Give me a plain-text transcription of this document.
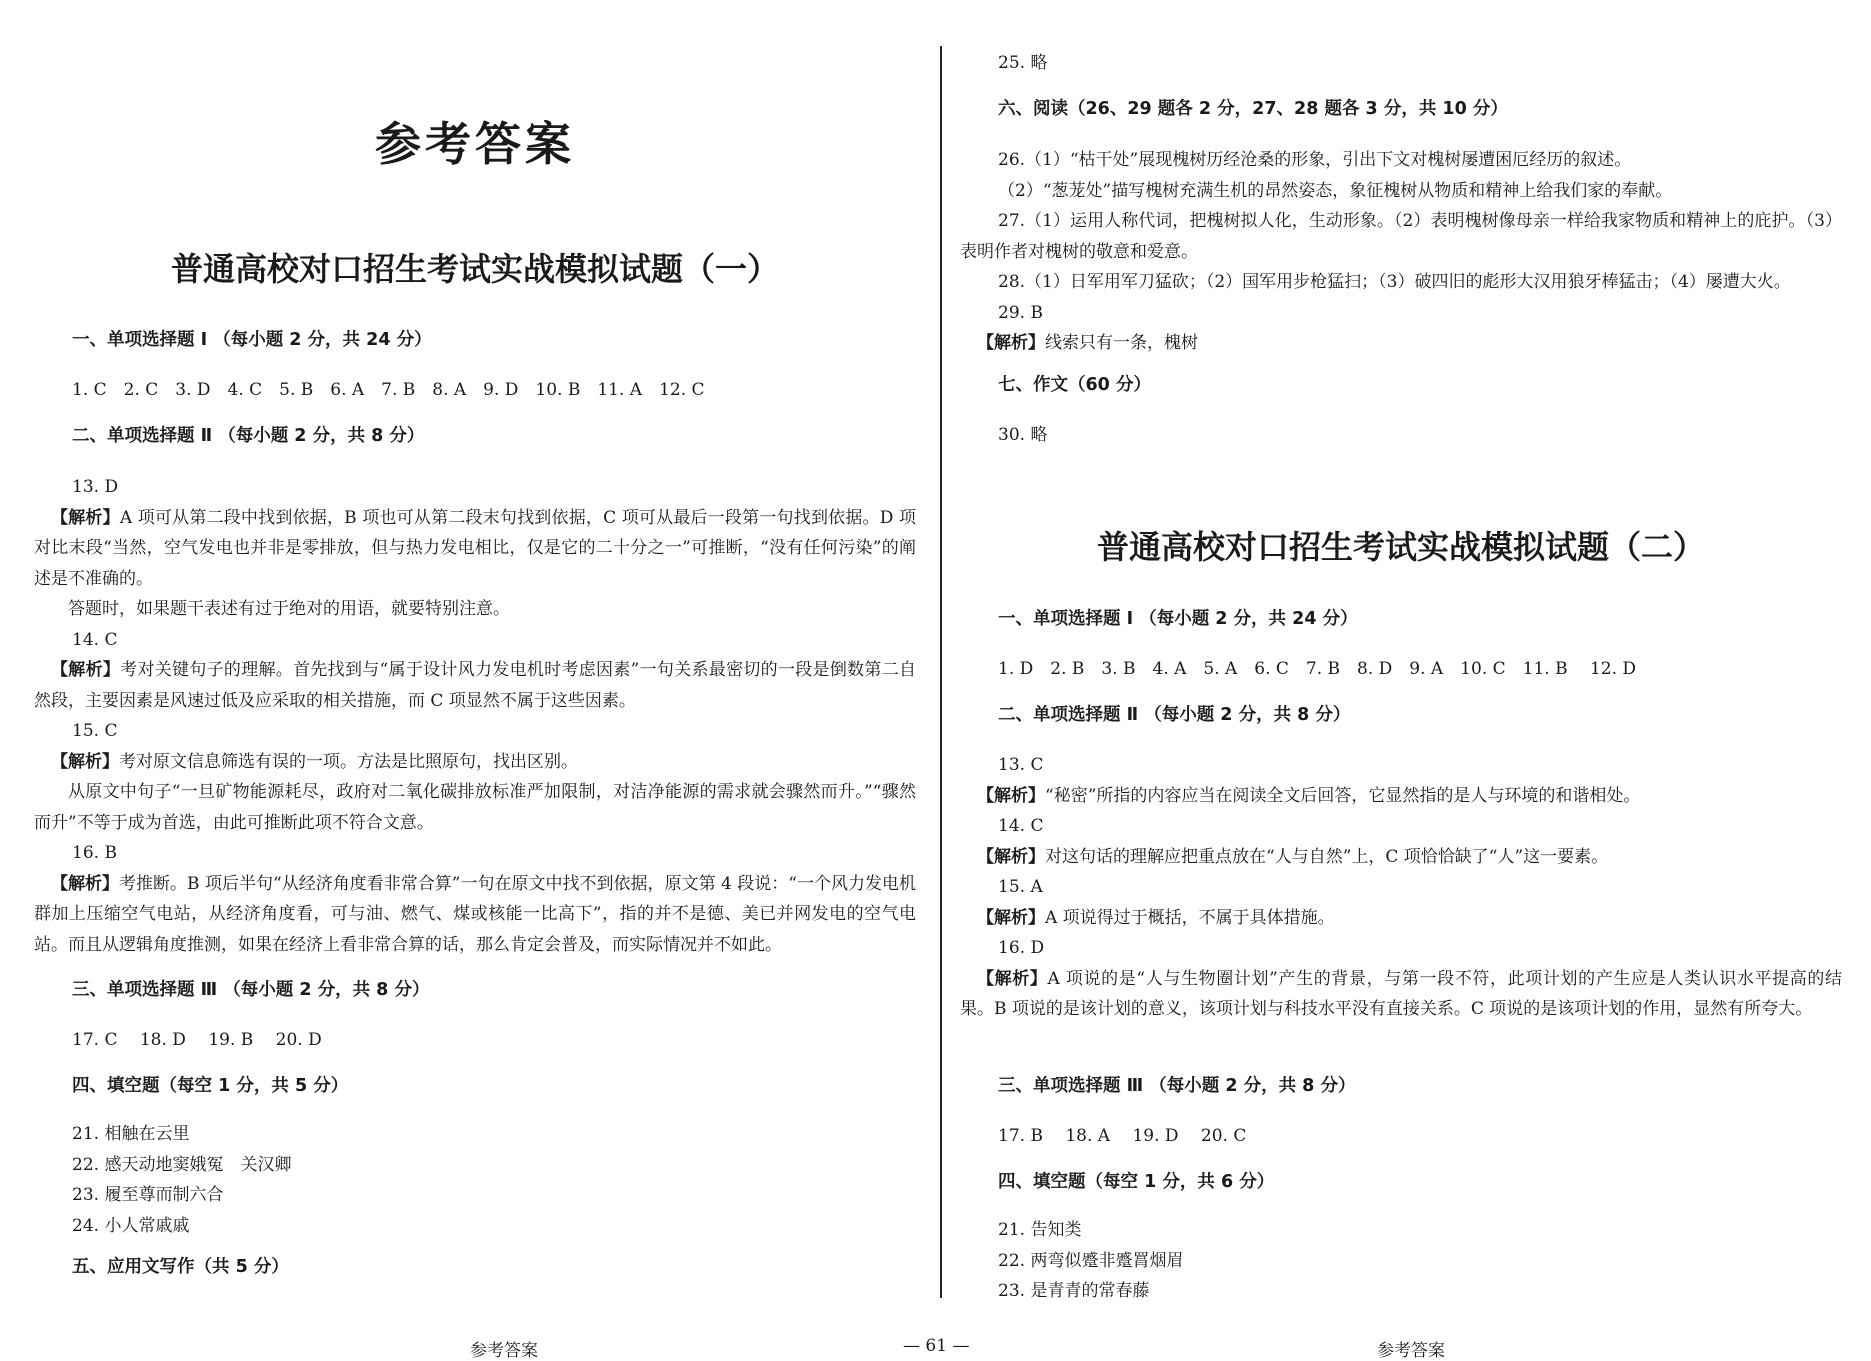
参考答案
普通高校对口招生考试实战模拟试题（一）

一、单项选择题 Ⅰ （每小题 2 分，共 24 分）

1. C　2. C　3. D　4. C　5. B　6. A　7. B　8. A　9. D　10. B　11. A　12. C

二、单项选择题 Ⅱ （每小题 2 分，共 8 分）

13. D

【解析】A 项可从第二段中找到依据，B 项也可从第二段末句找到依据，C 项可从最后一段第一句找到依据。D 项对比末段“当然，空气发电也并非是零排放，但与热力发电相比，仅是它的二十分之一”可推断，“没有任何污染”的阐述是不准确的。

答题时，如果题干表述有过于绝对的用语，就要特别注意。

14. C

【解析】考对关键句子的理解。首先找到与“属于设计风力发电机时考虑因素”一句关系最密切的一段是倒数第二自然段，主要因素是风速过低及应采取的相关措施，而 C 项显然不属于这些因素。

15. C

【解析】考对原文信息筛选有误的一项。方法是比照原句，找出区别。

从原文中句子“一旦矿物能源耗尽，政府对二氧化碳排放标准严加限制，对洁净能源的需求就会骤然而升。”“骤然而升”不等于成为首选，由此可推断此项不符合文意。

16. B

【解析】考推断。B 项后半句“从经济角度看非常合算”一句在原文中找不到依据，原文第 4 段说：“一个风力发电机群加上压缩空气电站，从经济角度看，可与油、燃气、煤或核能一比高下”，指的并不是德、美已并网发电的空气电站。而且从逻辑角度推测，如果在经济上看非常合算的话，那么肯定会普及，而实际情况并不如此。

三、单项选择题 Ⅲ （每小题 2 分，共 8 分）

17. C　 18. D　 19. B　 20. D

四、填空题（每空 1 分，共 5 分）

21. 相触在云里

22. 感天动地窦娥冤　关汉卿

23. 履至尊而制六合

24. 小人常戚戚

五、应用文写作（共 5 分）

25. 略

六、阅读（26、29 题各 2 分，27、28 题各 3 分，共 10 分）

26.（1）“枯干处”展现槐树历经沧桑的形象，引出下文对槐树屡遭困厄经历的叙述。

（2）“葱茏处”描写槐树充满生机的昂然姿态，象征槐树从物质和精神上给我们家的奉献。

27.（1）运用人称代词，把槐树拟人化，生动形象。（2）表明槐树像母亲一样给我家物质和精神上的庇护。（3）表明作者对槐树的敬意和爱意。

28.（1）日军用军刀猛砍；（2）国军用步枪猛扫；（3）破四旧的彪形大汉用狼牙棒猛击；（4）屡遭大火。

29. B

【解析】线索只有一条，槐树

七、作文（60 分）

30. 略

普通高校对口招生考试实战模拟试题（二）

一、单项选择题 Ⅰ （每小题 2 分，共 24 分）

1. D　2. B　3. B　4. A　5. A　6. C　7. B　8. D　9. A　10. C　11. B　 12. D

二、单项选择题 Ⅱ （每小题 2 分，共 8 分）

13. C

【解析】“秘密”所指的内容应当在阅读全文后回答，它显然指的是人与环境的和谐相处。

14. C

【解析】对这句话的理解应把重点放在“人与自然”上，C 项恰恰缺了“人”这一要素。

15. A

【解析】A 项说得过于概括，不属于具体措施。

16. D

【解析】A 项说的是“人与生物圈计划”产生的背景，与第一段不符，此项计划的产生应是人类认识水平提高的结果。B 项说的是该计划的意义，该项计划与科技水平没有直接关系。C 项说的是该项计划的作用，显然有所夸大。

三、单项选择题 Ⅲ （每小题 2 分，共 8 分）

17. B　 18. A　 19. D　 20. C

四、填空题（每空 1 分，共 6 分）

21. 告知类

22. 两弯似蹙非蹙罥烟眉

23. 是青青的常春藤

参考答案	— 61 —	参考答案
